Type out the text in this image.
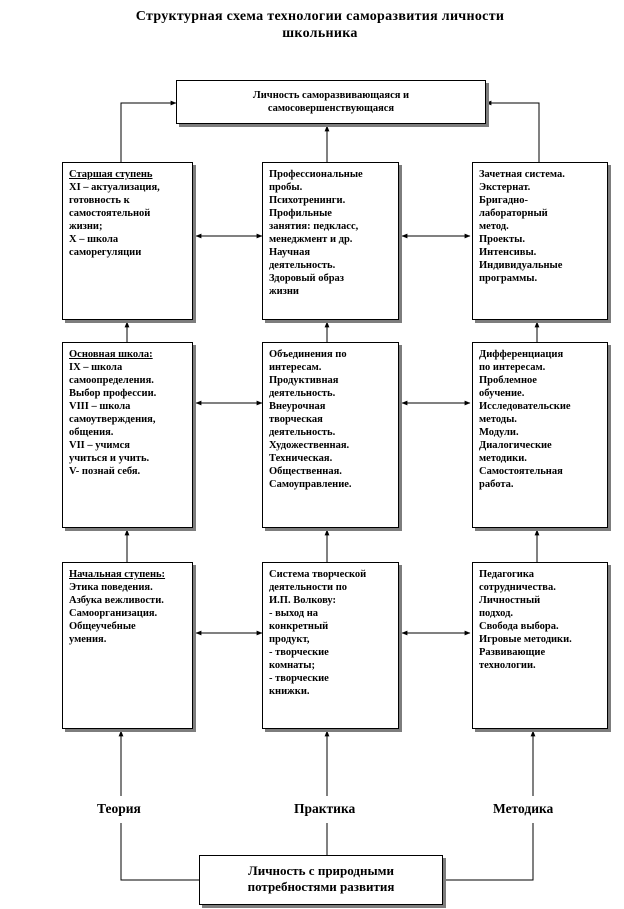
Структурная схема технологии саморазвития личности
школьника
Личность саморазвивающаяся и
самосовершенствующаяся
Старшая ступень
XI – актуализация,
готовность к
самостоятельной
жизни;
X – школа
саморегуляции
Профессиональные
пробы.
Психотренинги.
Профильные
занятия: педкласс,
менеджмент и др.
Научная
деятельность.
Здоровый образ
жизни
Зачетная система.
Экстернат.
Бригадно-
лабораторный
метод.
Проекты.
Интенсивы.
Индивидуальные
программы.
Основная школа:
IX – школа
самоопределения.
Выбор профессии.
VIII – школа
самоутверждения,
общения.
VII – учимся
учиться и учить.
V- познай себя.
Объединения по
интересам.
Продуктивная
деятельность.
Внеурочная
творческая
деятельность.
Художественная.
Техническая.
Общественная.
Самоуправление.
Дифференциация
по интересам.
Проблемное
обучение.
Исследовательские
методы.
Модули.
Диалогические
методики.
Самостоятельная
работа.
Начальная ступень:
Этика поведения.
Азбука вежливости.
Самоорганизация.
Общеучебные
умения.
Система творческой
деятельности по
И.П. Волкову:
- выход на
конкретный
продукт,
- творческие
комнаты;
- творческие
книжки.
Педагогика
сотрудничества.
Личностный
подход.
Свобода выбора.
Игровые методики.
Развивающие
технологии.
Теория	Практика	Методика
Личность с природными
потребностями развития
